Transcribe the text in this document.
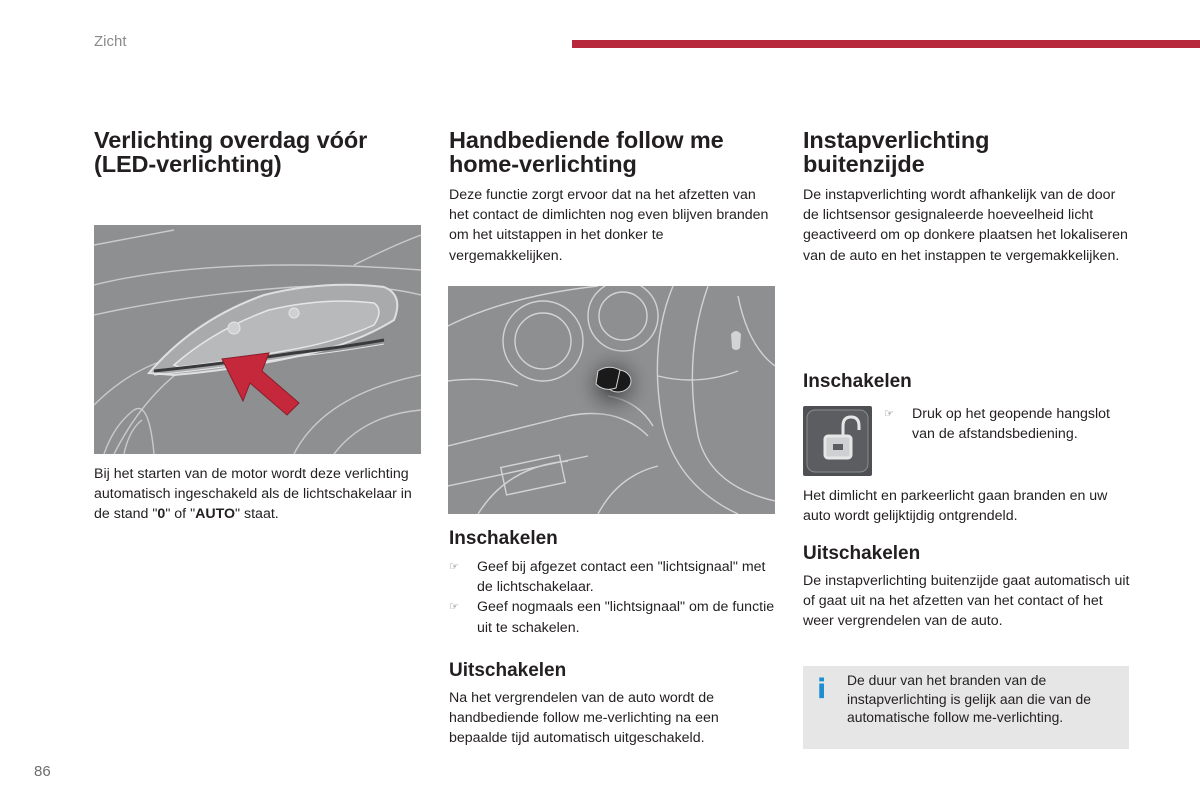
Zicht
Verlichting overdag vóór
(LED-verlichting)

Bij het starten van de motor wordt deze verlichting automatisch ingeschakeld als de lichtschakelaar in de stand "0" of "AUTO" staat.

Handbediende follow me
home-verlichting

Deze functie zorgt ervoor dat na het afzetten van het contact de dimlichten nog even blijven branden om het uitstappen in het donker te vergemakkelijken.

Inschakelen
☞ Geef bij afgezet contact een "lichtsignaal" met de lichtschakelaar.
☞ Geef nogmaals een "lichtsignaal" om de functie uit te schakelen.
Uitschakelen

Na het vergrendelen van de auto wordt de handbediende follow me-verlichting na een bepaalde tijd automatisch uitgeschakeld.

Instapverlichting
buitenzijde

De instapverlichting wordt afhankelijk van de door de lichtsensor gesignaleerde hoeveelheid licht geactiveerd om op donkere plaatsen het lokaliseren van de auto en het instappen te vergemakkelijken.

Inschakelen
☞ Druk op het geopende hangslot van de afstandsbediening.

Het dimlicht en parkeerlicht gaan branden en uw auto wordt gelijktijdig ontgrendeld.

Uitschakelen

De instapverlichting buitenzijde gaat automatisch uit of gaat uit na het afzetten van het contact of het weer vergrendelen van de auto.

i De duur van het branden van de instapverlichting is gelijk aan die van de automatische follow me-verlichting.
86
